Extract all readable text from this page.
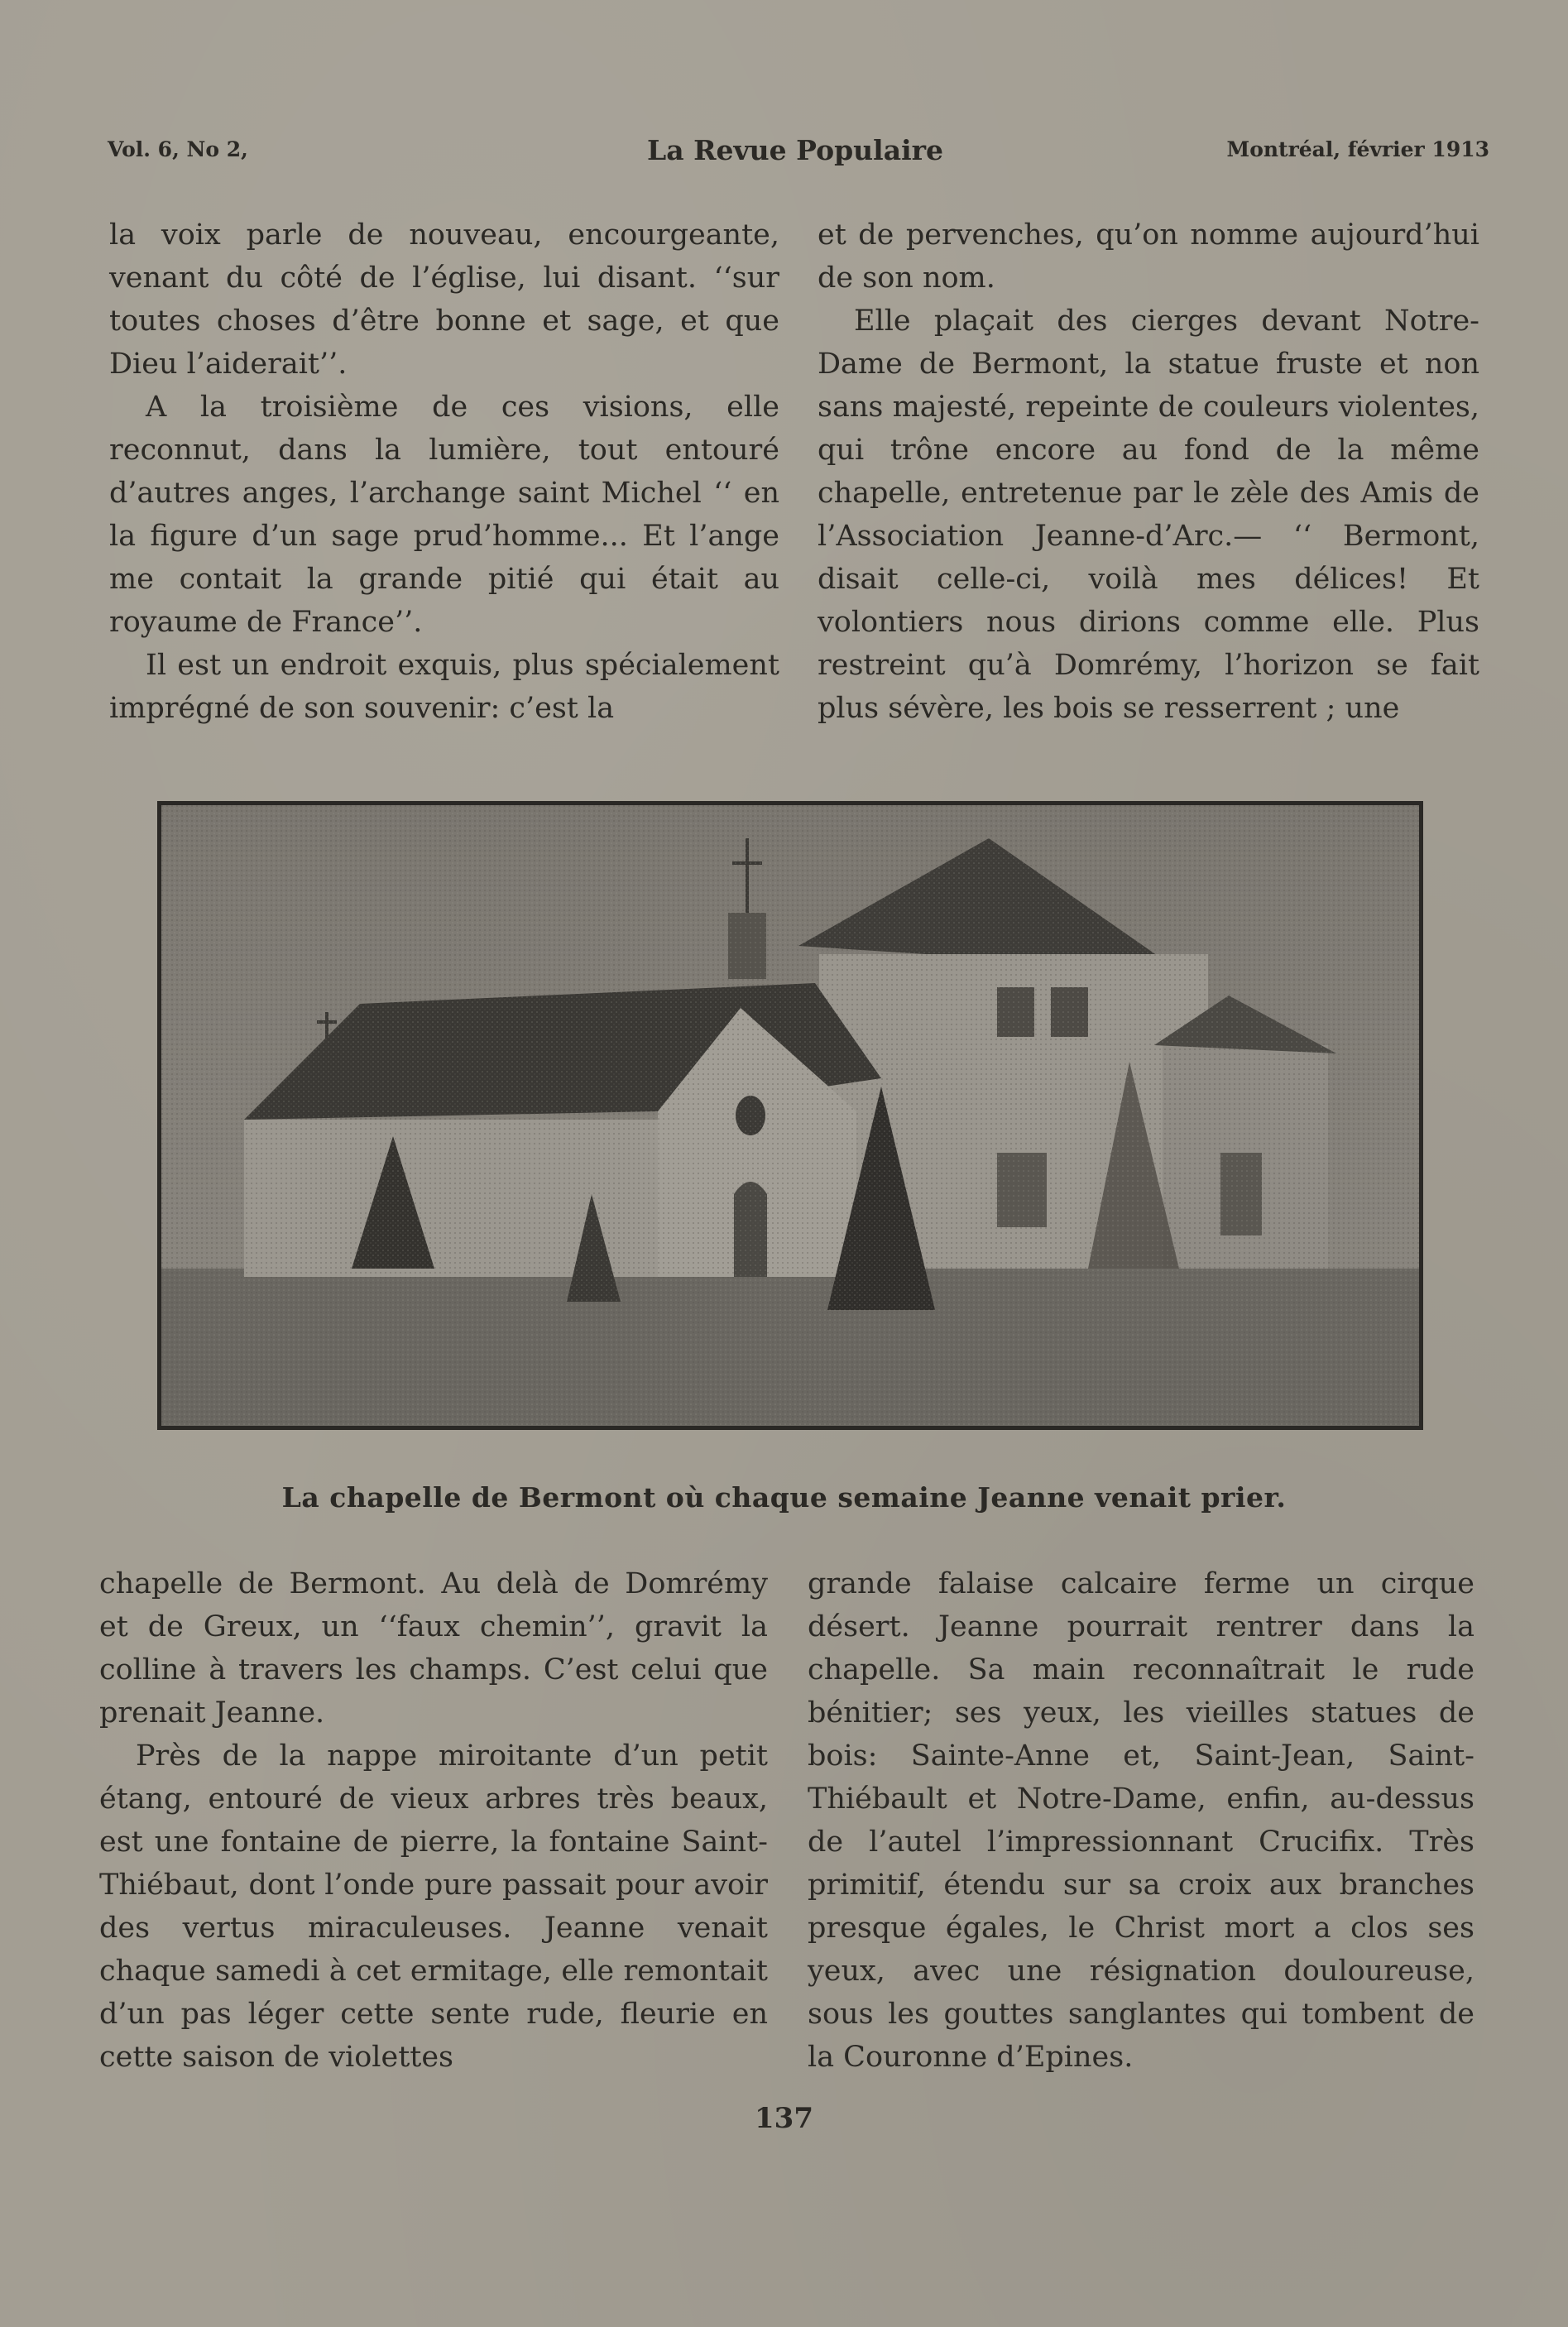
Vol. 6, No 2,	La Revue Populaire	Montréal, février 1913

la voix parle de nouveau, encourgeante, venant du côté de l’église, lui disant. ‘‘sur toutes choses d’être bonne et sage, et que Dieu l’aiderait’’.

A la troisième de ces visions, elle reconnut, dans la lumière, tout entouré d’autres anges, l’archange saint Michel ‘‘ en la figure d’un sage prud’homme... Et l’ange me contait la grande pitié qui était au royaume de France’’.

Il est un endroit exquis, plus spécialement imprégné de son souvenir: c’est la

et de pervenches, qu’on nomme aujourd’hui de son nom.

Elle plaçait des cierges devant Notre-Dame de Bermont, la statue fruste et non sans majesté, repeinte de couleurs violentes, qui trône encore au fond de la même chapelle, entretenue par le zèle des Amis de l’Association Jeanne-d’Arc.— ‘‘ Bermont, disait celle-ci, voilà mes délices! Et volontiers nous dirions comme elle. Plus restreint qu’à Domrémy, l’horizon se fait plus sévère, les bois se resserrent ; une

La chapelle de Bermont où chaque semaine Jeanne venait prier.

chapelle de Bermont. Au delà de Domrémy et de Greux, un ‘‘faux chemin’’, gravit la colline à travers les champs. C’est celui que prenait Jeanne.

Près de la nappe miroitante d’un petit étang, entouré de vieux arbres très beaux, est une fontaine de pierre, la fontaine Saint-Thiébaut, dont l’onde pure passait pour avoir des vertus miraculeuses. Jeanne venait chaque samedi à cet ermitage, elle remontait d’un pas léger cette sente rude, fleurie en cette saison de violettes

grande falaise calcaire ferme un cirque désert. Jeanne pourrait rentrer dans la chapelle. Sa main reconnaîtrait le rude bénitier; ses yeux, les vieilles statues de bois: Sainte-Anne et, Saint-Jean, Saint-Thiébault et Notre-Dame, enfin, au-dessus de l’autel l’impressionnant Crucifix. Très primitif, étendu sur sa croix aux branches presque égales, le Christ mort a clos ses yeux, avec une résignation douloureuse, sous les gouttes sanglantes qui tombent de la Couronne d’Epines.

137
